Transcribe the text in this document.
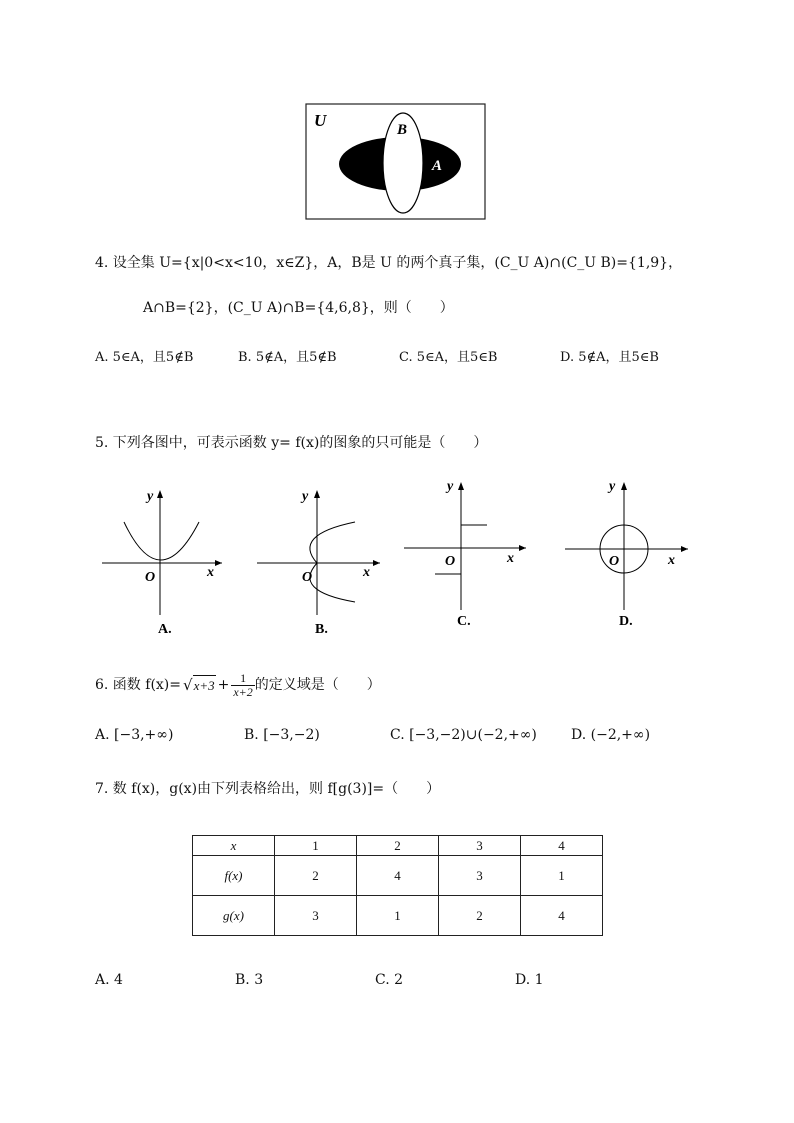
U	B
A
4. 设全集 U={x|0<x<10，x∈Z}，A，B是 U 的两个真子集，(C_U A)∩(C_U B)={1,9}，
A∩B={2}，(C_U A)∩B={4,6,8}，则（　　）
A. 5∈A，且5∉B	B. 5∉A，且5∉B	C. 5∈A，且5∈B	D. 5∉A，且5∈B
5. 下列各图中，可表示函数 y= f(x)的图象的只可能是（　　）
y
x
O
A.
y
x
O
B.
y
x
O
C.
y
x
O
D.
6. 函数 f(x)= √ $x+3 + \frac{1}{x+2}$ 的定义域是（　　）
A. [−3,+∞)	B. [−3,−2)	C. [−3,−2)∪(−2,+∞) D. (−2,+∞)
7. 数 f(x)，g(x)由下列表格给出，则 f[g(3)]=（　　）
x	1	2	3	4
f(x)	2	4	3	1
g(x)	3	1	2	4
A. 4	B. 3	C. 2	D. 1
